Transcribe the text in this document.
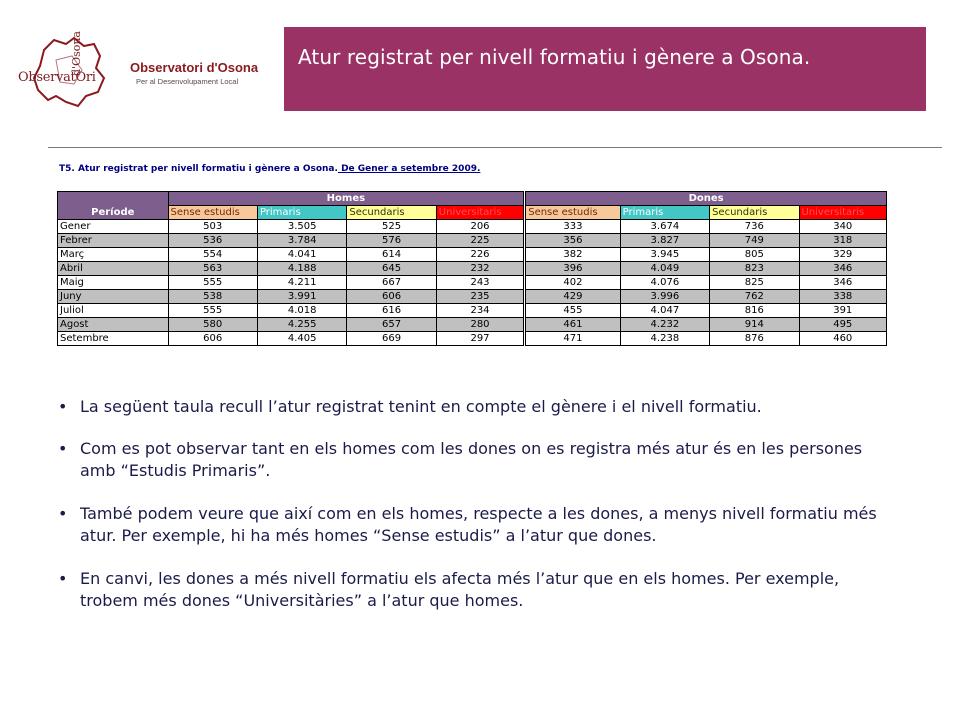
ObservatOri
d'Osona	Observatori d'Osona
Per al Desenvolupament Local
Atur registrat per nivell formatiu i gènere a Osona.
T5. Atur registrat per nivell formatiu i gènere a Osona. De Gener a setembre 2009.
Període	Homes					Dones			
	Sense estudis	Primaris	Secundaris	Universitaris		Sense estudis	Primaris	Secundaris	Universitaris
Gener	503	3.505	525	206		333	3.674	736	340
Febrer	536	3.784	576	225		356	3.827	749	318
Març	554	4.041	614	226		382	3.945	805	329
Abril	563	4.188	645	232		396	4.049	823	346
Maig	555	4.211	667	243		402	4.076	825	346
Juny	538	3.991	606	235		429	3.996	762	338
Juliol	555	4.018	616	234		455	4.047	816	391
Agost	580	4.255	657	280		461	4.232	914	495
Setembre	606	4.405	669	297		471	4.238	876	460
• La següent taula recull l’atur registrat tenint en compte el gènere i el nivell formatiu.
• Com es pot observar tant en els homes com les dones on es registra més atur és en les persones amb “Estudis Primaris”.
• També podem veure que així com en els homes, respecte a les dones, a menys nivell formatiu més atur. Per exemple, hi ha més homes “Sense estudis” a l’atur que dones.
• En canvi, les dones a més nivell formatiu els afecta més l’atur que en els homes. Per exemple, trobem més dones “Universitàries” a l’atur que homes.
